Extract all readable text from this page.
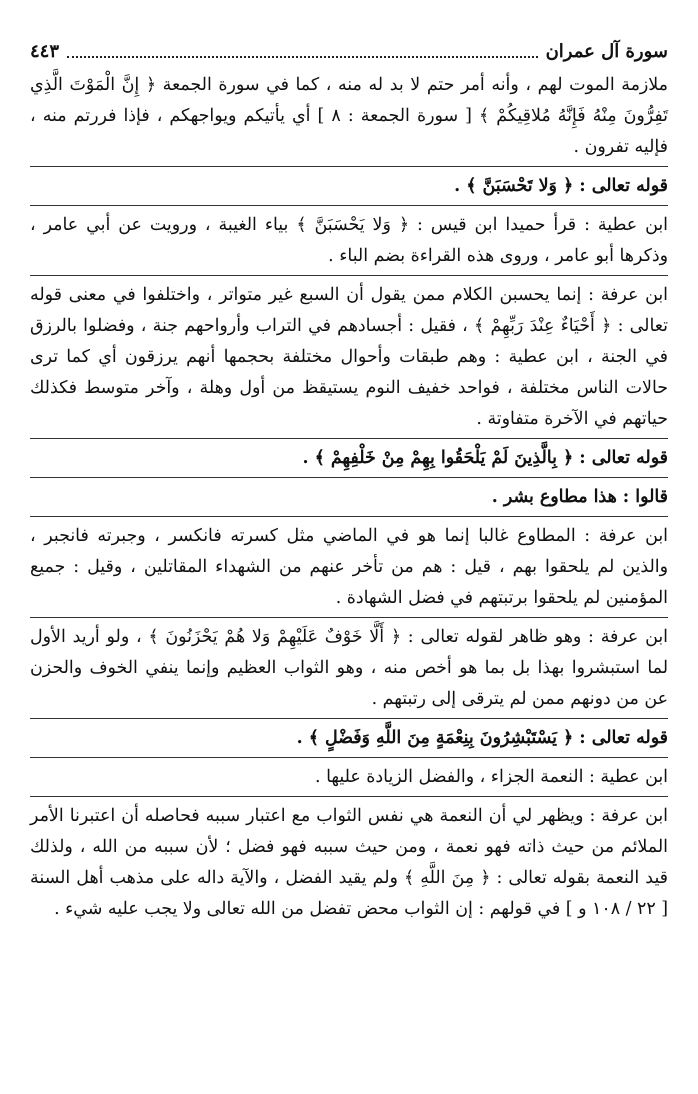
سورة آل عمران
٤٤٣

ملازمة الموت لهم ، وأنه أمر حتم لا بد له منه ، كما في سورة الجمعة ﴿ إِنَّ الْمَوْتَ الَّذِي تَفِرُّونَ مِنْهُ فَإِنَّهُ مُلاقِيكُمْ ﴾ [ سورة الجمعة : ٨ ] أي يأتيكم ويواجهكم ، فإذا فررتم منه ، فإليه تفرون .

قوله تعالى : ﴿ وَلا تَحْسَبَنَّ ﴾ .

ابن عطية : قرأ حميدا ابن قيس : ﴿ وَلا يَحْسَبَنَّ ﴾ بياء الغيبة ، ورويت عن أبي عامر ، وذكرها أبو عامر ، وروى هذه القراءة بضم الباء .

ابن عرفة : إنما يحسبن الكلام ممن يقول أن السبع غير متواتر ، واختلفوا في معنى قوله تعالى : ﴿ أَحْيَاءٌ عِنْدَ رَبِّهِمْ ﴾ ، فقيل : أجسادهم في التراب وأرواحهم جنة ، وفضلوا بالرزق في الجنة ، ابن عطية : وهم طبقات وأحوال مختلفة بحجمها أنهم يرزقون أي كما ترى حالات الناس مختلفة ، فواحد خفيف النوم يستيقظ من أول وهلة ، وآخر متوسط فكذلك حياتهم في الآخرة متفاوتة .

قوله تعالى : ﴿ بِالَّذِينَ لَمْ يَلْحَقُوا بِهِمْ مِنْ خَلْفِهِمْ ﴾ .

قالوا : هذا مطاوع بشر .

ابن عرفة : المطاوع غالبا إنما هو في الماضي مثل كسرته فانكسر ، وجبرته فانجبر ، والذين لم يلحقوا بهم ، قيل : هم من تأخر عنهم من الشهداء المقاتلين ، وقيل : جميع المؤمنين لم يلحقوا برتبتهم في فضل الشهادة .

ابن عرفة : وهو ظاهر لقوله تعالى : ﴿ أَلَّا خَوْفٌ عَلَيْهِمْ وَلا هُمْ يَحْزَنُونَ ﴾ ، ولو أريد الأول لما استبشروا بهذا بل بما هو أخص منه ، وهو الثواب العظيم وإنما ينفي الخوف والحزن عن من دونهم ممن لم يترقى إلى رتبتهم .

قوله تعالى : ﴿ يَسْتَبْشِرُونَ بِنِعْمَةٍ مِنَ اللَّهِ وَفَضْلٍ ﴾ .

ابن عطية : النعمة الجزاء ، والفضل الزيادة عليها .

ابن عرفة : ويظهر لي أن النعمة هي نفس الثواب مع اعتبار سببه فحاصله أن اعتبرنا الأمر الملائم من حيث ذاته فهو نعمة ، ومن حيث سببه فهو فضل ؛ لأن سببه من الله ، ولذلك قيد النعمة بقوله تعالى : ﴿ مِنَ اللَّهِ ﴾ ولم يقيد الفضل ، والآية داله على مذهب أهل السنة [ ٢٢ / ١٠٨ و ] في قولهم : إن الثواب محض تفضل من الله تعالى ولا يجب عليه شيء .
